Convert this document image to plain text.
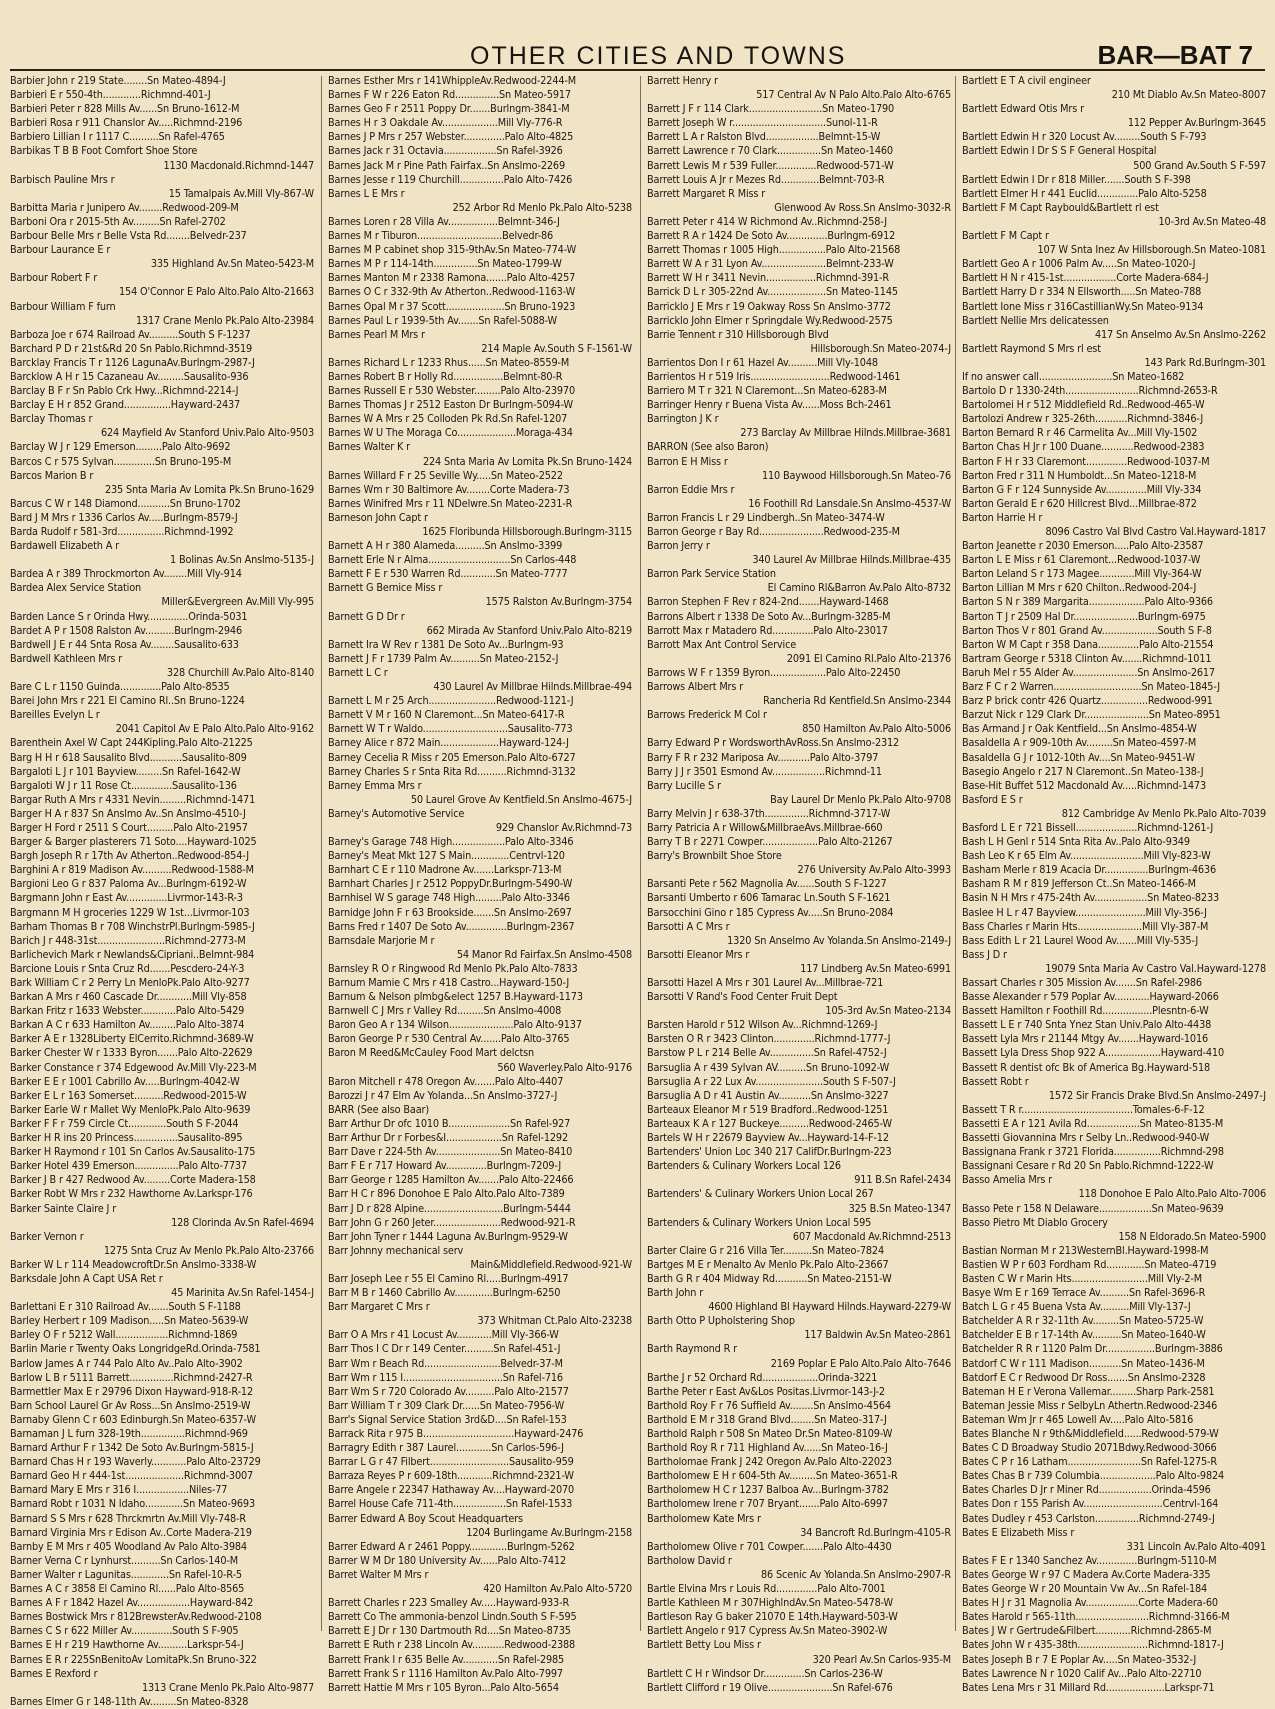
OTHER CITIES AND TOWNS	BAR—BAT 7
Barbier John r 219 State........Sn Mateo-4894-J
Barbieri E r 550-4th.............Richmnd-401-J
Barbieri Peter r 828 Mills Av......Sn Bruno-1612-M
Barbieri Rosa r 911 Chanslor Av.....Richmnd-2196
Barbiero Lillian I r 1117 C..........Sn Rafel-4765
Barbikas T B B Foot Comfort Shoe Store
1130 Macdonald.Richmnd-1447
Barbisch Pauline Mrs r
15 Tamalpais Av.Mill Vly-867-W
Barbitta Maria r Junipero Av........Redwood-209-M
Barboni Ora r 2015-5th Av.........Sn Rafel-2702
Barbour Belle Mrs r Belle Vsta Rd........Belvedr-237
Barbour Laurance E r
335 Highland Av.Sn Mateo-5423-M
Barbour Robert F r
154 O'Connor E Palo Alto.Palo Alto-21663
Barbour William F furn
1317 Crane Menlo Pk.Palo Alto-23984
Barboza Joe r 674 Railroad Av..........South S F-1237
Barchard P D r 21st&Rd 20 Sn Pablo.Richmnd-3519
Barcklay Francis T r 1126 LagunaAv.Burlngm-2987-J
Barcklow A H r 15 Cazaneau Av.........Sausalito-936
Barclay B F r Sn Pablo Crk Hwy...Richmnd-2214-J
Barclay E H r 852 Grand................Hayward-2437
Barclay Thomas r
624 Mayfield Av Stanford Univ.Palo Alto-9503
Barclay W J r 129 Emerson.........Palo Alto-9692
Barcos C r 575 Sylvan..............Sn Bruno-195-M
Barcos Marion B r
235 Snta Maria Av Lomita Pk.Sn Bruno-1629
Barcus C W r 148 Diamond...........Sn Bruno-1702
Bard J M Mrs r 1336 Carlos Av.....Burlngm-8579-J
Barda Rudolf r 581-3rd................Richmnd-1992
Bardawell Elizabeth A r
1 Bolinas Av.Sn Anslmo-5135-J
Bardea A r 389 Throckmorton Av........Mill Vly-914
Bardea Alex Service Station
Miller&Evergreen Av.Mill Vly-995
Barden Lance S r Orinda Hwy..............Orinda-5031
Bardet A P r 1508 Ralston Av..........Burlngm-2946
Bardwell J E r 44 Snta Rosa Av........Sausalito-633
Bardwell Kathleen Mrs r
328 Churchill Av.Palo Alto-8140
Bare C L r 1150 Guinda..............Palo Alto-8535
Barei John Mrs r 221 El Camino Rl..Sn Bruno-1224
Bareilles Evelyn L r
2041 Capitol Av E Palo Alto.Palo Alto-9162
Barenthein Axel W Capt 244Kipling.Palo Alto-21225
Barg H H r 618 Sausalito Blvd...........Sausalito-809
Bargaloti L J r 101 Bayview.........Sn Rafel-1642-W
Bargaloti W J r 11 Rose Ct..............Sausalito-136
Bargar Ruth A Mrs r 4331 Nevin.........Richmnd-1471
Barger H A r 837 Sn Anslmo Av..Sn Anslmo-4510-J
Barger H Ford r 2511 S Court.........Palo Alto-21957
Barger & Barger plasterers 71 Soto....Hayward-1025
Bargh Joseph R r 17th Av Atherton..Redwood-854-J
Barghini A r 819 Madison Av..........Redwood-1588-M
Bargioni Leo G r 837 Paloma Av...Burlngm-6192-W
Bargmann John r East Av..............Livrmor-143-R-3
Bargmann M H groceries 1229 W 1st...Livrmor-103
Barham Thomas B r 708 WinchstrPl.Burlngm-5985-J
Barich J r 448-31st.......................Richmnd-2773-M
Barlichevich Mark r Newlands&Cipriani..Belmnt-984
Barcione Louis r Snta Cruz Rd.......Pescdero-24-Y-3
Bark William C r 2 Perry Ln MenloPk.Palo Alto-9277
Barkan A Mrs r 460 Cascade Dr............Mill Vly-858
Barkan Fritz r 1633 Webster............Palo Alto-5429
Barkan A C r 633 Hamilton Av.........Palo Alto-3874
Barker A E r 1328Liberty ElCerrito.Richmnd-3689-W
Barker Chester W r 1333 Byron.......Palo Alto-22629
Barker Constance r 374 Edgewood Av.Mill Vly-223-M
Barker E E r 1001 Cabrillo Av.....Burlngm-4042-W
Barker E L r 163 Somerset..........Redwood-2015-W
Barker Earle W r Mallet Wy MenloPk.Palo Alto-9639
Barker F F r 759 Circle Ct.............South S F-2044
Barker H R ins 20 Princess...............Sausalito-895
Barker H Raymond r 101 Sn Carlos Av.Sausalito-175
Barker Hotel 439 Emerson...............Palo Alto-7737
Barker J B r 427 Redwood Av.........Corte Madera-158
Barker Robt W Mrs r 232 Hawthorne Av.Larkspr-176
Barker Sainte Claire J r
128 Clorinda Av.Sn Rafel-4694
Barker Vernon r
1275 Snta Cruz Av Menlo Pk.Palo Alto-23766
Barker W L r 114 MeadowcroftDr.Sn Anslmo-3338-W
Barksdale John A Capt USA Ret r
45 Marinita Av.Sn Rafel-1454-J
Barlettani E r 310 Railroad Av.......South S F-1188
Barley Herbert r 109 Madison.....Sn Mateo-5639-W
Barley O F r 5212 Wall..................Richmnd-1869
Barlin Marie r Twenty Oaks LongridgeRd.Orinda-7581
Barlow James A r 744 Palo Alto Av..Palo Alto-3902
Barlow L B r 5111 Barrett...............Richmnd-2427-R
Barmettler Max E r 29796 Dixon Hayward-918-R-12
Barn School Laurel Gr Av Ross...Sn Anslmo-2519-W
Barnaby Glenn C r 603 Edinburgh.Sn Mateo-6357-W
Barnaman J L furn 328-19th...............Richmnd-969
Barnard Arthur F r 1342 De Soto Av.Burlngm-5815-J
Barnard Chas H r 193 Waverly............Palo Alto-23729
Barnard Geo H r 444-1st....................Richmnd-3007
Barnard Mary E Mrs r 316 I..................Niles-77
Barnard Robt r 1031 N Idaho.............Sn Mateo-9693
Barnard S S Mrs r 628 Thrckmrtn Av.Mill Vly-748-R
Barnard Virginia Mrs r Edison Av..Corte Madera-219
Barnby E M Mrs r 405 Woodland Av Palo Alto-3984
Barner Verna C r Lynhurst..........Sn Carlos-140-M
Barner Walter r Lagunitas.............Sn Rafel-10-R-5
Barnes A C r 3858 El Camino Rl......Palo Alto-8565
Barnes A F r 1842 Hazel Av..................Hayward-842
Barnes Bostwick Mrs r 812BrewsterAv.Redwood-2108
Barnes C S r 622 Miller Av..............South S F-905
Barnes E H r 219 Hawthorne Av..........Larkspr-54-J
Barnes E R r 225SnBenitoAv LomitaPk.Sn Bruno-322
Barnes E Rexford r
1313 Crane Menlo Pk.Palo Alto-9877
Barnes Elmer G r 148-11th Av.........Sn Mateo-8328
Barnes Esther Mrs r 141WhippleAv.Redwood-2244-M
Barnes F W r 226 Eaton Rd...............Sn Mateo-5917
Barnes Geo F r 2511 Poppy Dr.......Burlngm-3841-M
Barnes H r 3 Oakdale Av...................Mill Vly-776-R
Barnes J P Mrs r 257 Webster..............Palo Alto-4825
Barnes Jack r 31 Octavia..................Sn Rafel-3926
Barnes Jack M r Pine Path Fairfax..Sn Anslmo-2269
Barnes Jesse r 119 Churchill...............Palo Alto-7426
Barnes L E Mrs r
252 Arbor Rd Menlo Pk.Palo Alto-5238
Barnes Loren r 28 Villa Av.................Belmnt-346-J
Barnes M r Tiburon.............................Belvedr-86
Barnes M P cabinet shop 315-9thAv.Sn Mateo-774-W
Barnes M P r 114-14th...............Sn Mateo-1799-W
Barnes Manton M r 2338 Ramona.......Palo Alto-4257
Barnes O C r 332-9th Av Atherton..Redwood-1163-W
Barnes Opal M r 37 Scott....................Sn Bruno-1923
Barnes Paul L r 1939-5th Av.......Sn Rafel-5088-W
Barnes Pearl M Mrs r
214 Maple Av.South S F-1561-W
Barnes Richard L r 1233 Rhus......Sn Mateo-8559-M
Barnes Robert B r Holly Rd.................Belmnt-80-R
Barnes Russell E r 530 Webster.........Palo Alto-23970
Barnes Thomas J r 2512 Easton Dr Burlngm-5094-W
Barnes W A Mrs r 25 Colloden Pk Rd.Sn Rafel-1207
Barnes W U The Moraga Co....................Moraga-434
Barnes Walter K r
224 Snta Maria Av Lomita Pk.Sn Bruno-1424
Barnes Willard F r 25 Seville Wy.....Sn Mateo-2522
Barnes Wm r 30 Baltimore Av........Corte Madera-73
Barnes Winifred Mrs r 11 NDelwre.Sn Mateo-2231-R
Barneson John Capt r
1625 Floribunda Hillsborough.Burlngm-3115
Barnett A H r 380 Alameda..........Sn Anslmo-3399
Barnett Erle N r Alma............................Sn Carlos-448
Barnett F E r 530 Warren Rd............Sn Mateo-7777
Barnett G Bernice Miss r
1575 Ralston Av.Burlngm-3754
Barnett G D Dr r
662 Mirada Av Stanford Univ.Palo Alto-8219
Barnett Ira W Rev r 1381 De Soto Av...Burlngm-93
Barnett J F r 1739 Palm Av..........Sn Mateo-2152-J
Barnett L C r
430 Laurel Av Millbrae Hilnds.Millbrae-494
Barnett L M r 25 Arch.......................Redwood-1121-J
Barnett V M r 160 N Claremont...Sn Mateo-6417-R
Barnett W T r Waldo.............................Sausalito-773
Barney Alice r 872 Main....................Hayward-124-J
Barney Cecelia R Miss r 205 Emerson.Palo Alto-6727
Barney Charles S r Snta Rita Rd..........Richmnd-3132
Barney Emma Mrs r
50 Laurel Grove Av Kentfield.Sn Anslmo-4675-J
Barney's Automotive Service
929 Chanslor Av.Richmnd-73
Barney's Garage 748 High..................Palo Alto-3346
Barney's Meat Mkt 127 S Main.............Centrvl-120
Barnhart C E r 110 Madrone Av.......Larkspr-713-M
Barnhart Charles J r 2512 PoppyDr.Burlngm-5490-W
Barnhisel W S garage 748 High.........Palo Alto-3346
Barnidge John F r 63 Brookside.......Sn Anslmo-2697
Barns Fred r 1407 De Soto Av..............Burlngm-2367
Barnsdale Marjorie M r
54 Manor Rd Fairfax.Sn Anslmo-4508
Barnsley R O r Ringwood Rd Menlo Pk.Palo Alto-7833
Barnum Mamie C Mrs r 418 Castro...Hayward-150-J
Barnum & Nelson plmbg&elect 1257 B.Hayward-1173
Barnwell C J Mrs r Valley Rd.........Sn Anslmo-4008
Baron Geo A r 134 Wilson......................Palo Alto-9137
Baron George P r 530 Central Av.......Palo Alto-3765
Baron M Reed&McCauley Food Mart delctsn
560 Waverley.Palo Alto-9176
Baron Mitchell r 478 Oregon Av.......Palo Alto-4407
Barozzi J r 47 Elm Av Yolanda...Sn Anslmo-3727-J
BARR (See also Baar)
Barr Arthur Dr ofc 1010 B.....................Sn Rafel-927
Barr Arthur Dr r Forbes&I...................Sn Rafel-1292
Barr Dave r 224-5th Av......................Sn Mateo-8410
Barr F E r 717 Howard Av..............Burlngm-7209-J
Barr George r 1285 Hamilton Av.......Palo Alto-22466
Barr H C r 896 Donohoe E Palo Alto.Palo Alto-7389
Barr J D r 828 Alpine...........................Burlngm-5444
Barr John G r 260 Jeter.......................Redwood-921-R
Barr John Tyner r 1444 Laguna Av.Burlngm-9529-W
Barr Johnny mechanical serv
Main&Middlefield.Redwood-921-W
Barr Joseph Lee r 55 El Camino Rl.....Burlngm-4917
Barr M B r 1460 Cabrillo Av.............Burlngm-6250
Barr Margaret C Mrs r
373 Whitman Ct.Palo Alto-23238
Barr O A Mrs r 41 Locust Av............Mill Vly-366-W
Barr Thos I C Dr r 149 Center..........Sn Rafel-451-J
Barr Wm r Beach Rd..........................Belvedr-37-M
Barr Wm r 115 I..................................Sn Rafel-716
Barr Wm S r 720 Colorado Av..........Palo Alto-21577
Barr William T r 309 Clark Dr......Sn Mateo-7956-W
Barr's Signal Service Station 3rd&D....Sn Rafel-153
Barrack Rita r 975 B...............................Hayward-2476
Barragry Edith r 387 Laurel............Sn Carlos-596-J
Barrar L G r 47 Filbert...........................Sausalito-959
Barraza Reyes P r 609-18th............Richmnd-2321-W
Barre Angele r 22347 Hathaway Av....Hayward-2070
Barrel House Cafe 711-4th..................Sn Rafel-1533
Barrer Edward A Boy Scout Headquarters
1204 Burlingame Av.Burlngm-2158
Barrer Edward A r 2461 Poppy.............Burlngm-5262
Barrer W M Dr 180 University Av......Palo Alto-7412
Barret Walter M Mrs r
420 Hamilton Av.Palo Alto-5720
Barrett Charles r 223 Smalley Av.....Hayward-933-R
Barrett Co The ammonia-benzol Lindn.South S F-595
Barrett E J Dr r 130 Dartmouth Rd....Sn Mateo-8735
Barrett E Ruth r 238 Lincoln Av...........Redwood-2388
Barrett Frank I r 635 Belle Av............Sn Rafel-2985
Barrett Frank S r 1116 Hamilton Av.Palo Alto-7997
Barrett Hattie M Mrs r 105 Byron...Palo Alto-5654
Barrett Henry r
517 Central Av N Palo Alto.Palo Alto-6765
Barrett J F r 114 Clark.........................Sn Mateo-1790
Barrett Joseph W r................................Sunol-11-R
Barrett L A r Ralston Blvd..................Belmnt-15-W
Barrett Lawrence r 70 Clark...............Sn Mateo-1460
Barrett Lewis M r 539 Fuller..............Redwood-571-W
Barrett Louis A Jr r Mezes Rd.............Belmnt-703-R
Barrett Margaret R Miss r
Glenwood Av Ross.Sn Anslmo-3032-R
Barrett Peter r 414 W Richmond Av..Richmnd-258-J
Barrett R A r 1424 De Soto Av..............Burlngm-6912
Barrett Thomas r 1005 High................Palo Alto-21568
Barrett W A r 31 Lyon Av......................Belmnt-233-W
Barrett W H r 3411 Nevin.................Richmnd-391-R
Barrick D L r 305-22nd Av....................Sn Mateo-1145
Barricklo J E Mrs r 19 Oakway Ross Sn Anslmo-3772
Barricklo John Elmer r Springdale Wy.Redwood-2575
Barrie Tennent r 310 Hillsborough Blvd
Hillsborough.Sn Mateo-2074-J
Barrientos Don I r 61 Hazel Av..........Mill Vly-1048
Barrientos H r 519 Iris...........................Redwood-1461
Barriero M T r 321 N Claremont...Sn Mateo-6283-M
Barringer Henry r Buena Vista Av......Moss Bch-2461
Barrington J K r
273 Barclay Av Millbrae Hilnds.Millbrae-3681
BARRON (See also Baron)
Barron E H Miss r
110 Baywood Hillsborough.Sn Mateo-76
Barron Eddie Mrs r
16 Foothill Rd Lansdale.Sn Anslmo-4537-W
Barron Francis L r 29 Lindbergh..Sn Mateo-3474-W
Barron George r Bay Rd......................Redwood-235-M
Barron Jerry r
340 Laurel Av Millbrae Hilnds.Millbrae-435
Barron Park Service Station
El Camino Rl&Barron Av.Palo Alto-8732
Barron Stephen F Rev r 824-2nd.......Hayward-1468
Barrons Albert r 1338 De Soto Av...Burlngm-3285-M
Barrott Max r Matadero Rd..............Palo Alto-23017
Barrott Max Ant Control Service
2091 El Camino Rl.Palo Alto-21376
Barrows W F r 1359 Byron...................Palo Alto-22450
Barrows Albert Mrs r
Rancheria Rd Kentfield.Sn Anslmo-2344
Barrows Frederick M Col r
850 Hamilton Av.Palo Alto-5006
Barry Edward P r WordsworthAvRoss.Sn Anslmo-2312
Barry F R r 232 Mariposa Av...........Palo Alto-3797
Barry J J r 3501 Esmond Av..................Richmnd-11
Barry Lucille S r
Bay Laurel Dr Menlo Pk.Palo Alto-9708
Barry Melvin J r 638-37th...............Richmnd-3717-W
Barry Patricia A r Willow&MillbraeAvs.Millbrae-660
Barry T B r 2271 Cowper...................Palo Alto-21267
Barry's Brownbilt Shoe Store
276 University Av.Palo Alto-3993
Barsanti Pete r 562 Magnolia Av......South S F-1227
Barsanti Umberto r 606 Tamarac Ln.South S F-1621
Barsocchini Gino r 185 Cypress Av.....Sn Bruno-2084
Barsotti A C Mrs r
1320 Sn Anselmo Av Yolanda.Sn Anslmo-2149-J
Barsotti Eleanor Mrs r
117 Lindberg Av.Sn Mateo-6991
Barsotti Hazel A Mrs r 301 Laurel Av...Millbrae-721
Barsotti V Rand's Food Center Fruit Dept
105-3rd Av.Sn Mateo-2134
Barsten Harold r 512 Wilson Av...Richmnd-1269-J
Barsten O R r 3423 Clinton..............Richmnd-1777-J
Barstow P L r 214 Belle Av...............Sn Rafel-4752-J
Barsuglia A r 439 Sylvan AV..........Sn Bruno-1092-W
Barsuglia A r 22 Lux Av.......................South S F-507-J
Barsuglia A D r 41 Austin Av...........Sn Anslmo-3227
Barteaux Eleanor M r 519 Bradford..Redwood-1251
Barteaux K A r 127 Buckeye..........Redwood-2465-W
Bartels W H r 22679 Bayview Av...Hayward-14-F-12
Bartenders' Union Loc 340 217 CalifDr.Burlngm-223
Bartenders & Culinary Workers Local 126
911 B.Sn Rafel-2434
Bartenders' & Culinary Workers Union Local 267
325 B.Sn Mateo-1347
Bartenders & Culinary Workers Union Local 595
607 Macdonald Av.Richmnd-2513
Barter Claire G r 216 Villa Ter..........Sn Mateo-7824
Bartges M E r Menalto Av Menlo Pk.Palo Alto-23667
Barth G R r 404 Midway Rd...........Sn Mateo-2151-W
Barth John r
4600 Highland Bl Hayward Hilnds.Hayward-2279-W
Barth Otto P Upholstering Shop
117 Baldwin Av.Sn Mateo-2861
Barth Raymond R r
2169 Poplar E Palo Alto.Palo Alto-7646
Barthe J r 52 Orchard Rd...................Orinda-3221
Barthe Peter r East Av&Los Positas.Livrmor-143-J-2
Barthold Roy F r 76 Suffield Av........Sn Anslmo-4564
Barthold E M r 318 Grand Blvd........Sn Mateo-317-J
Barthold Ralph r 508 Sn Mateo Dr.Sn Mateo-8109-W
Barthold Roy R r 711 Highland Av......Sn Mateo-16-J
Bartholomae Frank J 242 Oregon Av.Palo Alto-22023
Bartholomew E H r 604-5th Av.........Sn Mateo-3651-R
Bartholomew H C r 1237 Balboa Av...Burlngm-3782
Bartholomew Irene r 707 Bryant.......Palo Alto-6997
Bartholomew Kate Mrs r
34 Bancroft Rd.Burlngm-4105-R
Bartholomew Olive r 701 Cowper.......Palo Alto-4430
Bartholow David r
86 Scenic Av Yolanda.Sn Anslmo-2907-R
Bartle Elvina Mrs r Louis Rd..............Palo Alto-7001
Bartle Kathleen M r 307HighlndAv.Sn Mateo-5478-W
Bartleson Ray G baker 21070 E 14th.Hayward-503-W
Bartlett Angelo r 917 Cypress Av.Sn Mateo-3902-W
Bartlett Betty Lou Miss r
320 Pearl Av.Sn Carlos-935-M
Bartlett C H r Windsor Dr..............Sn Carlos-236-W
Bartlett Clifford r 19 Olive......................Sn Rafel-676
Bartlett E T A civil engineer
210 Mt Diablo Av.Sn Mateo-8007
Bartlett Edward Otis Mrs r
112 Pepper Av.Burlngm-3645
Bartlett Edwin H r 320 Locust Av.........South S F-793
Bartlett Edwin I Dr S S F General Hospital
500 Grand Av.South S F-597
Bartlett Edwin I Dr r 818 Miller.......South S F-398
Bartlett Elmer H r 441 Euclid..............Palo Alto-5258
Bartlett F M Capt Raybould&Bartlett rl est
10-3rd Av.Sn Mateo-48
Bartlett F M Capt r
107 W Snta Inez Av Hillsborough.Sn Mateo-1081
Bartlett Geo A r 1006 Palm Av.....Sn Mateo-1020-J
Bartlett H N r 415-1st..................Corte Madera-684-J
Bartlett Harry D r 334 N Ellsworth.....Sn Mateo-788
Bartlett Ione Miss r 316CastillianWy.Sn Mateo-9134
Bartlett Nellie Mrs delicatessen
417 Sn Anselmo Av.Sn Anslmo-2262
Bartlett Raymond S Mrs rl est
143 Park Rd.Burlngm-301
If no answer call.........................Sn Mateo-1682
Bartolo D r 1330-24th.........................Richmnd-2653-R
Bartolomei H r 512 Middlefield Rd..Redwood-465-W
Bartolozi Andrew r 325-26th...........Richmnd-3846-J
Barton Bernard R r 46 Carmelita Av...Mill Vly-1502
Barton Chas H Jr r 100 Duane...........Redwood-2383
Barton F H r 33 Claremont..............Redwood-1037-M
Barton Fred r 311 N Humboldt...Sn Mateo-1218-M
Barton G F r 124 Sunnyside Av..............Mill Vly-334
Barton Gerald E r 620 Hillcrest Blvd...Millbrae-872
Barton Harrie H r
8096 Castro Val Blvd Castro Val.Hayward-1817
Barton Jeanette r 2030 Emerson.....Palo Alto-23587
Barton L E Miss r 61 Claremont...Redwood-1037-W
Barton Leland S r 173 Magee............Mill Vly-364-W
Barton Lillian M Mrs r 620 Chilton..Redwood-204-J
Barton S N r 389 Margarita...................Palo Alto-9366
Barton T J r 2509 Hal Dr......................Burlngm-6975
Barton Thos V r 801 Grand Av...................South S F-8
Barton W M Capt r 358 Dana..............Palo Alto-21554
Bartram George r 5318 Clinton Av.......Richmnd-1011
Baruh Mel r 55 Alder Av......................Sn Anslmo-2617
Barz F C r 2 Warren..............................Sn Mateo-1845-J
Barz P brick contr 426 Quartz................Redwood-991
Barzut Nick r 129 Clark Dr......................Sn Mateo-8951
Bas Armand J r Oak Kentfield...Sn Anslmo-4854-W
Basaldella A r 909-10th Av.........Sn Mateo-4597-M
Basaldella G J r 1012-10th Av....Sn Mateo-9451-W
Basegio Angelo r 217 N Claremont..Sn Mateo-138-J
Base-Hit Buffet 512 Macdonald Av.....Richmnd-1473
Basford E S r
812 Cambridge Av Menlo Pk.Palo Alto-7039
Basford L E r 721 Bissell.....................Richmnd-1261-J
Bash L H Genl r 514 Snta Rita Av..Palo Alto-9349
Bash Leo K r 65 Elm Av.........................Mill Vly-823-W
Basham Merle r 819 Acacia Dr...............Burlngm-4636
Basham R M r 819 Jefferson Ct..Sn Mateo-1466-M
Basin N H Mrs r 475-24th Av..................Sn Mateo-8233
Baslee H L r 47 Bayview........................Mill Vly-356-J
Bass Charles r Marin Hts......................Mill Vly-387-M
Bass Edith L r 21 Laurel Wood Av.......Mill Vly-535-J
Bass J D r
19079 Snta Maria Av Castro Val.Hayward-1278
Bassart Charles r 305 Mission Av.......Sn Rafel-2986
Basse Alexander r 579 Poplar Av............Hayward-2066
Bassett Hamilton r Foothill Rd.................Plesntn-6-W
Bassett L E r 740 Snta Ynez Stan Univ.Palo Alto-4438
Bassett Lyla Mrs r 21144 Mtgy Av.......Hayward-1016
Bassett Lyla Dress Shop 922 A...................Hayward-410
Bassett R dentist ofc Bk of America Bg.Hayward-518
Bassett Robt r
1572 Sir Francis Drake Blvd.Sn Anslmo-2497-J
Bassett T R r......................................Tomales-6-F-12
Bassetti E A r 121 Avila Rd..................Sn Mateo-8135-M
Bassetti Giovannina Mrs r Selby Ln..Redwood-940-W
Bassignana Frank r 3721 Florida................Richmnd-298
Bassignani Cesare r Rd 20 Sn Pablo.Richmnd-1222-W
Basso Amelia Mrs r
118 Donohoe E Palo Alto.Palo Alto-7006
Basso Pete r 158 N Delaware..................Sn Mateo-9639
Basso Pietro Mt Diablo Grocery
158 N Eldorado.Sn Mateo-5900
Bastian Norman M r 213WesternBl.Hayward-1998-M
Bastien W P r 603 Fordham Rd.............Sn Mateo-4719
Basten C W r Marin Hts..........................Mill Vly-2-M
Basye Wm E r 169 Terrace Av..........Sn Rafel-3696-R
Batch L G r 45 Buena Vsta Av..........Mill Vly-137-J
Batchelder A R r 32-11th Av.........Sn Mateo-5725-W
Batchelder E B r 17-14th Av..........Sn Mateo-1640-W
Batchelder R R r 1120 Palm Dr.................Burlngm-3886
Batdorf C W r 111 Madison...........Sn Mateo-1436-M
Batdorf E C r Redwood Dr Ross.......Sn Anslmo-2328
Bateman H E r Verona Vallemar.........Sharp Park-2581
Bateman Jessie Miss r SelbyLn Athertn.Redwood-2346
Bateman Wm Jr r 465 Lowell Av.....Palo Alto-5816
Bates Blanche N r 9th&Middlefield......Redwood-579-W
Bates C D Broadway Studio 2071Bdwy.Redwood-3066
Bates C P r 16 Latham.........................Sn Rafel-1275-R
Bates Chas B r 739 Columbia...................Palo Alto-9824
Bates Charles D Jr r Miner Rd..................Orinda-4596
Bates Don r 155 Parish Av...........................Centrvl-164
Bates Dudley r 453 Carlston...............Richmnd-2749-J
Bates E Elizabeth Miss r
331 Lincoln Av.Palo Alto-4091
Bates F E r 1340 Sanchez Av..............Burlngm-5110-M
Bates George W r 97 C Madera Av.Corte Madera-335
Bates George W r 20 Mountain Vw Av...Sn Rafel-184
Bates H J r 31 Magnolia Av..................Corte Madera-60
Bates Harold r 565-11th.........................Richmnd-3166-M
Bates J W r Gertrude&Filbert............Richmnd-2865-M
Bates John W r 435-38th........................Richmnd-1817-J
Bates Joseph B r 7 E Poplar Av.....Sn Mateo-3532-J
Bates Lawrence N r 1020 Calif Av...Palo Alto-22710
Bates Lena Mrs r 31 Millard Rd....................Larkspr-71
